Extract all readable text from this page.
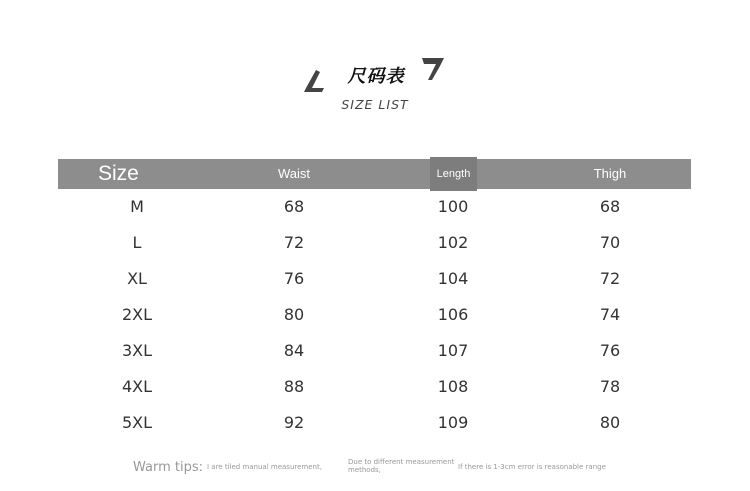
尺码表
SIZE LIST
Size	Waist	Length	Thigh
M	68	100	68
L	72	102	70
XL	76	104	72
2XL	80	106	74
3XL	84	107	76
4XL	88	108	78
5XL	92	109	80
Warm tips: I are tiled manual measurement,
Due to different measurement methods,	If there is 1-3cm error is reasonable range
